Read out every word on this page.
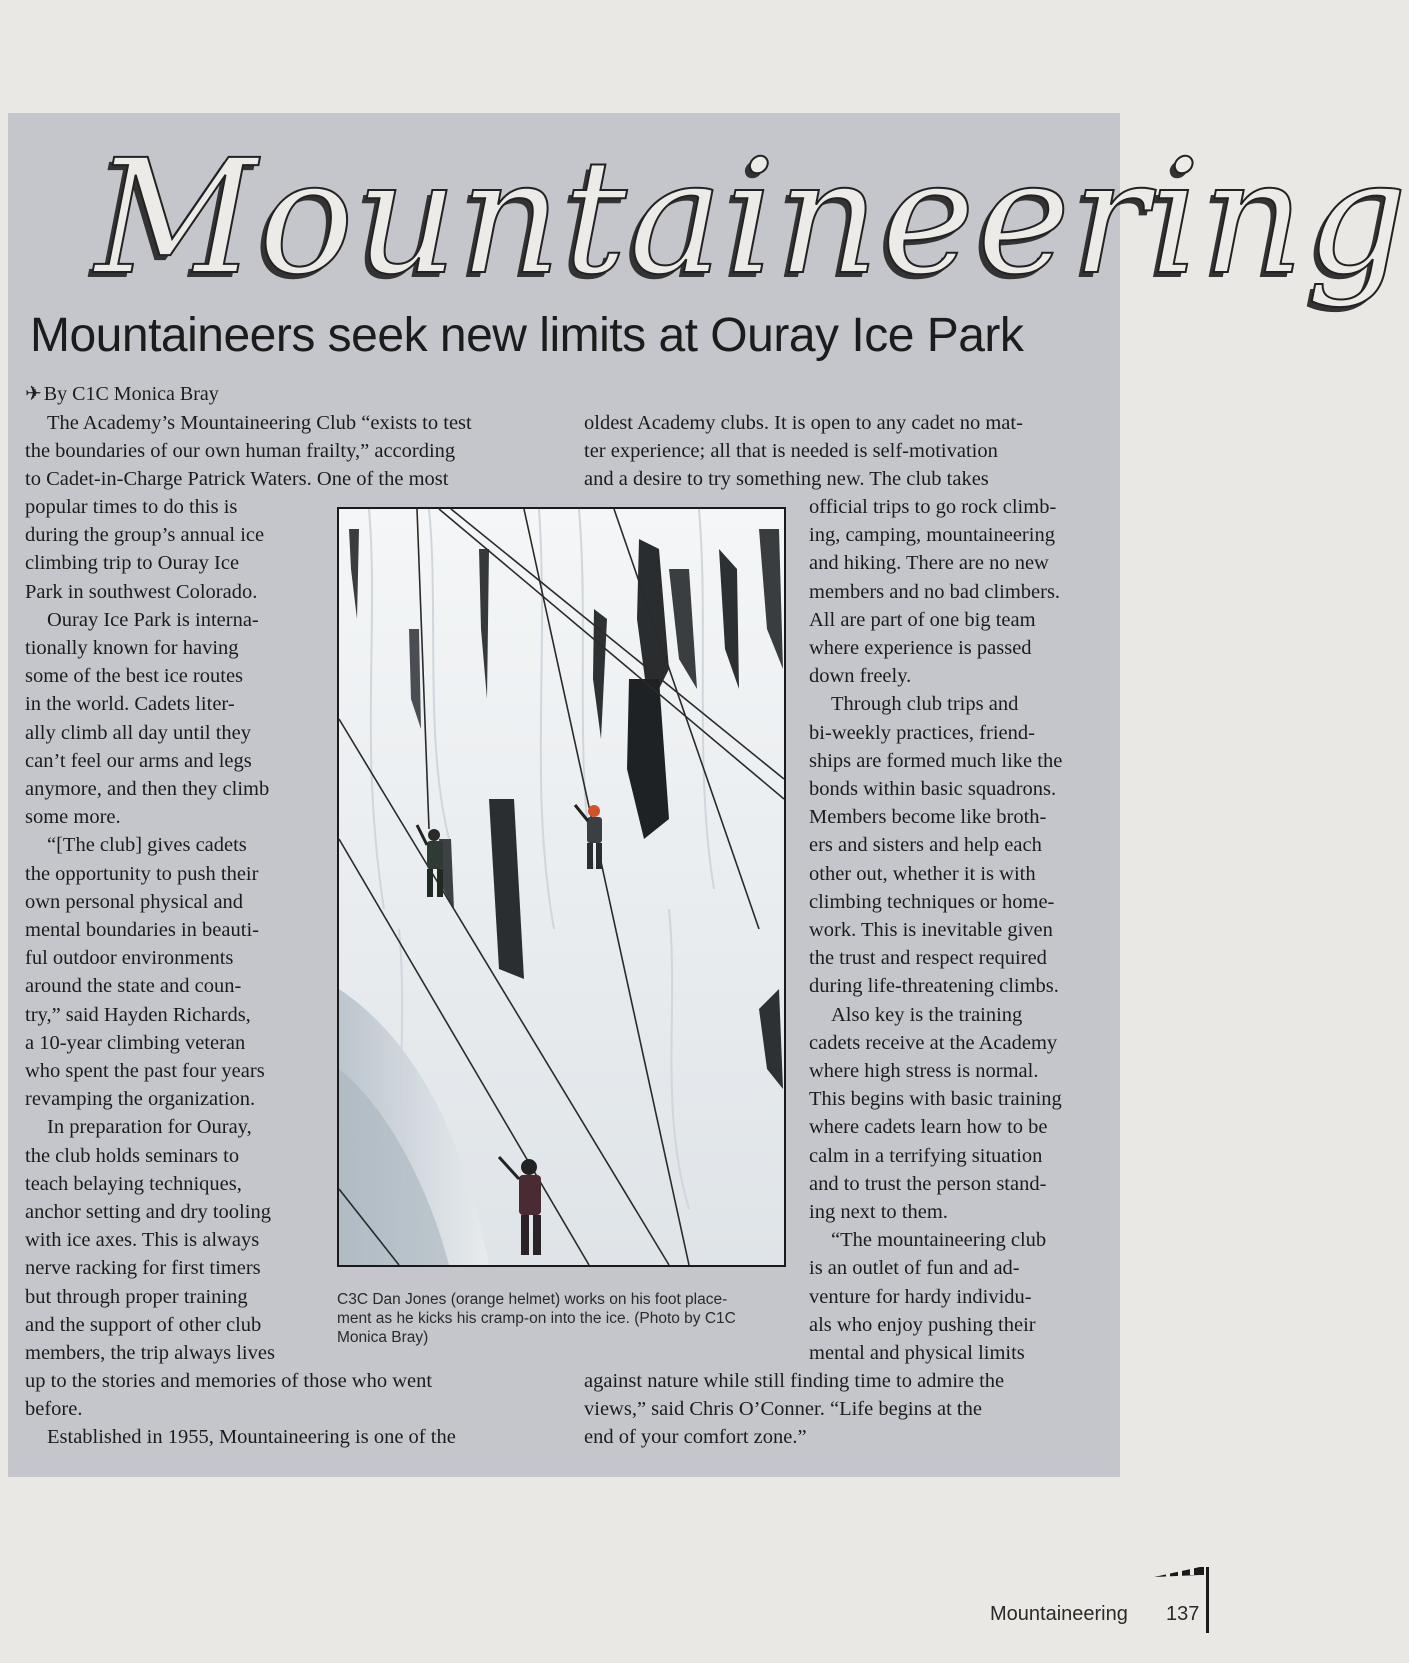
Mountaineering
Mountaineers seek new limits at Ouray Ice Park
✈ By C1C Monica Bray

The Academy’s Mountaineering Club “exists to test

the boundaries of our own human frailty,” according

to Cadet-in-Charge Patrick Waters. One of the most

popular times to do this is

during the group’s annual ice

climbing trip to Ouray Ice

Park in southwest Colorado.

Ouray Ice Park is interna-

tionally known for having

some of the best ice routes

in the world. Cadets liter-

ally climb all day until they

can’t feel our arms and legs

anymore, and then they climb

some more.

“[The club] gives cadets

the opportunity to push their

own personal physical and

mental boundaries in beauti-

ful outdoor environments

around the state and coun-

try,” said Hayden Richards,

a 10-year climbing veteran

who spent the past four years

revamping the organization.

In preparation for Ouray,

the club holds seminars to

teach belaying techniques,

anchor setting and dry tooling

with ice axes. This is always

nerve racking for first timers

but through proper training

and the support of other club

members, the trip always lives

up to the stories and memories of those who went

before.

Established in 1955, Mountaineering is one of the

oldest Academy clubs. It is open to any cadet no mat-

ter experience; all that is needed is self-motivation

and a desire to try something new. The club takes

official trips to go rock climb-

ing, camping, mountaineering

and hiking. There are no new

members and no bad climbers.

All are part of one big team

where experience is passed

down freely.

Through club trips and

bi-weekly practices, friend-

ships are formed much like the

bonds within basic squadrons.

Members become like broth-

ers and sisters and help each

other out, whether it is with

climbing techniques or home-

work. This is inevitable given

the trust and respect required

during life-threatening climbs.

Also key is the training

cadets receive at the Academy

where high stress is normal.

This begins with basic training

where cadets learn how to be

calm in a terrifying situation

and to trust the person stand-

ing next to them.

“The mountaineering club

is an outlet of fun and ad-

venture for hardy individu-

als who enjoy pushing their

mental and physical limits

against nature while still finding time to admire the

views,” said Chris O’Conner. “Life begins at the

end of your comfort zone.”

C3C Dan Jones (orange helmet) works on his foot place-
ment as he kicks his cramp-on into the ice. (Photo by C1C
Monica Bray)
Mountaineering 137
